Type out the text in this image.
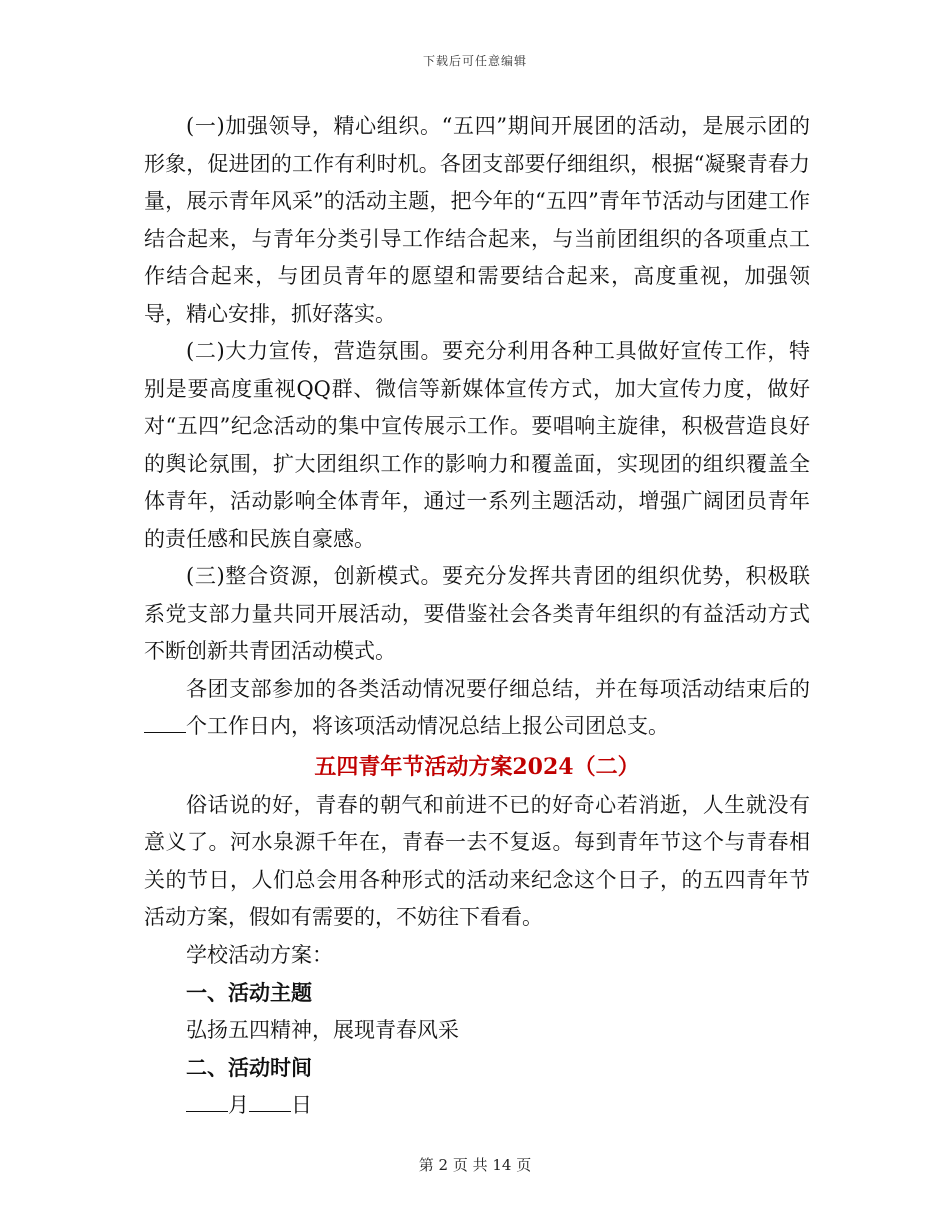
下载后可任意编辑

(一)加强领导，精心组织。“五四”期间开展团的活动，是展示团的形象，促进团的工作有利时机。各团支部要仔细组织，根据“凝聚青春力量，展示青年风采”的活动主题，把今年的“五四”青年节活动与团建工作结合起来，与青年分类引导工作结合起来，与当前团组织的各项重点工作结合起来，与团员青年的愿望和需要结合起来，高度重视，加强领导，精心安排，抓好落实。

(二)大力宣传，营造氛围。要充分利用各种工具做好宣传工作，特别是要高度重视QQ群、微信等新媒体宣传方式，加大宣传力度，做好对“五四”纪念活动的集中宣传展示工作。要唱响主旋律，积极营造良好的舆论氛围，扩大团组织工作的影响力和覆盖面，实现团的组织覆盖全体青年，活动影响全体青年，通过一系列主题活动，增强广阔团员青年的责任感和民族自豪感。

(三)整合资源，创新模式。要充分发挥共青团的组织优势，积极联系党支部力量共同开展活动，要借鉴社会各类青年组织的有益活动方式不断创新共青团活动模式。

各团支部参加的各类活动情况要仔细总结，并在每项活动结束后的个工作日内，将该项活动情况总结上报公司团总支。

五四青年节活动方案2024（二）

俗话说的好，青春的朝气和前进不已的好奇心若消逝，人生就没有意义了。河水泉源千年在，青春一去不复返。每到青年节这个与青春相关的节日，人们总会用各种形式的活动来纪念这个日子，的五四青年节活动方案，假如有需要的，不妨往下看看。

学校活动方案：

一、活动主题

弘扬五四精神，展现青春风采

二、活动时间

月 日

第 2 页 共 14 页
